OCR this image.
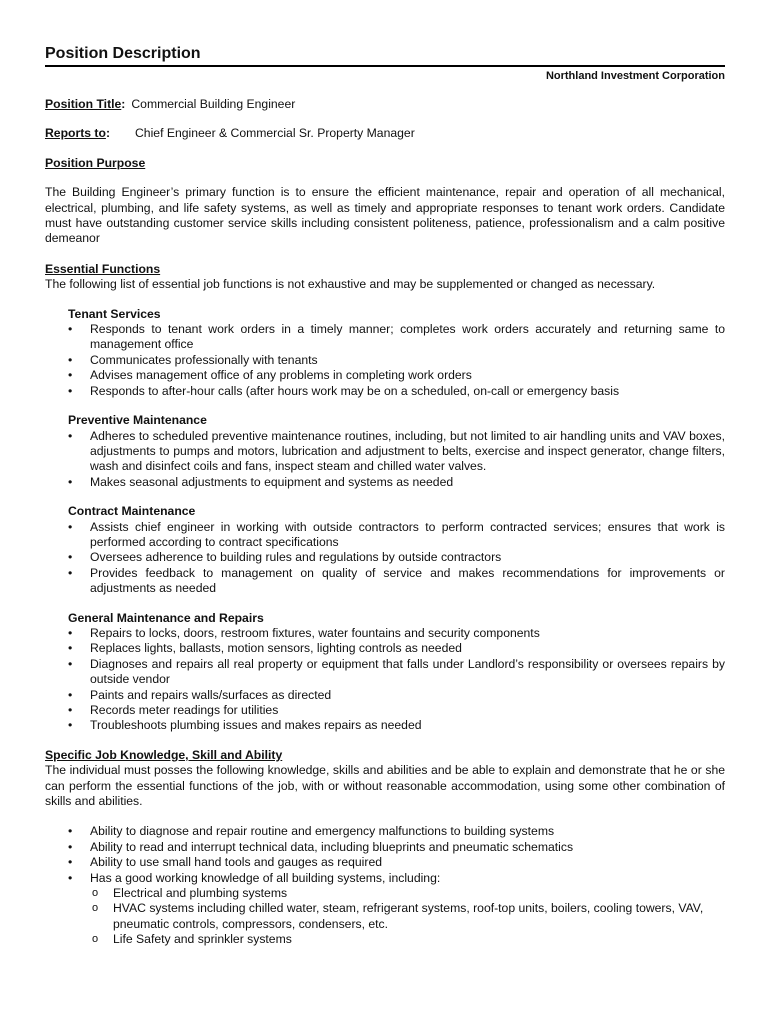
Position Description
Northland Investment Corporation
Position Title: Commercial Building Engineer
Reports to:	Chief Engineer & Commercial Sr. Property Manager
Position Purpose
The Building Engineer’s primary function is to ensure the efficient maintenance, repair and operation of all mechanical, electrical, plumbing, and life safety systems, as well as timely and appropriate responses to tenant work orders. Candidate must have outstanding customer service skills including consistent politeness, patience, professionalism and a calm positive demeanor
Essential Functions
The following list of essential job functions is not exhaustive and may be supplemented or changed as necessary.
Tenant Services
• Responds to tenant work orders in a timely manner; completes work orders accurately and returning same to management office
• Communicates professionally with tenants
• Advises management office of any problems in completing work orders
• Responds to after-hour calls (after hours work may be on a scheduled, on-call or emergency basis
Preventive Maintenance
• Adheres to scheduled preventive maintenance routines, including, but not limited to air handling units and VAV boxes, adjustments to pumps and motors, lubrication and adjustment to belts, exercise and inspect generator, change filters, wash and disinfect coils and fans, inspect steam and chilled water valves.
• Makes seasonal adjustments to equipment and systems as needed
Contract Maintenance
• Assists chief engineer in working with outside contractors to perform contracted services; ensures that work is performed according to contract specifications
• Oversees adherence to building rules and regulations by outside contractors
• Provides feedback to management on quality of service and makes recommendations for improvements or adjustments as needed
General Maintenance and Repairs
• Repairs to locks, doors, restroom fixtures, water fountains and security components
• Replaces lights, ballasts, motion sensors, lighting controls as needed
• Diagnoses and repairs all real property or equipment that falls under Landlord’s responsibility or oversees repairs by outside vendor
• Paints and repairs walls/surfaces as directed
• Records meter readings for utilities
• Troubleshoots plumbing issues and makes repairs as needed
Specific Job Knowledge, Skill and Ability
The individual must posses the following knowledge, skills and abilities and be able to explain and demonstrate that he or she can perform the essential functions of the job, with or without reasonable accommodation, using some other combination of skills and abilities.
• Ability to diagnose and repair routine and emergency malfunctions to building systems
• Ability to read and interrupt technical data, including blueprints and pneumatic schematics
• Ability to use small hand tools and gauges as required
• Has a good working knowledge of all building systems, including:
o Electrical and plumbing systems
o HVAC systems including chilled water, steam, refrigerant systems, roof-top units, boilers, cooling towers, VAV, pneumatic controls, compressors, condensers, etc.
o Life Safety and sprinkler systems
